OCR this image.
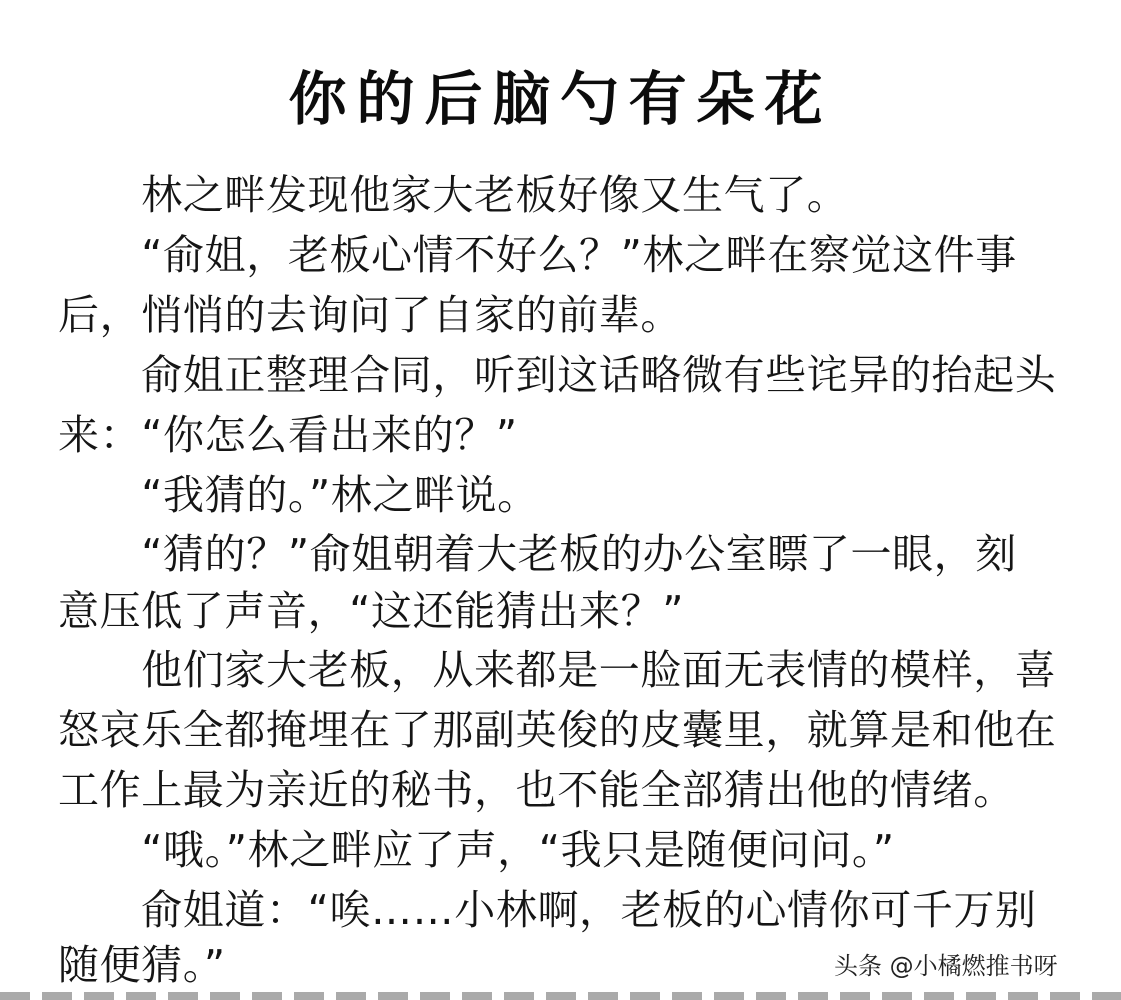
你的后脑勺有朵花
　　林之畔发现他家大老板好像又生气了。
　　“俞姐，老板心情不好么？”林之畔在察觉这件事
后，悄悄的去询问了自家的前辈。
　　俞姐正整理合同，听到这话略微有些诧异的抬起头
来：“你怎么看出来的？”
　　“我猜的。”林之畔说。
　　“猜的？”俞姐朝着大老板的办公室瞟了一眼，刻
意压低了声音，“这还能猜出来？”
　　他们家大老板，从来都是一脸面无表情的模样，喜
怒哀乐全都掩埋在了那副英俊的皮囊里，就算是和他在
工作上最为亲近的秘书，也不能全部猜出他的情绪。
　　“哦。”林之畔应了声，“我只是随便问问。”
　　俞姐道：“唉……小林啊，老板的心情你可千万别
随便猜。”	头条 @小橘燃推书呀
